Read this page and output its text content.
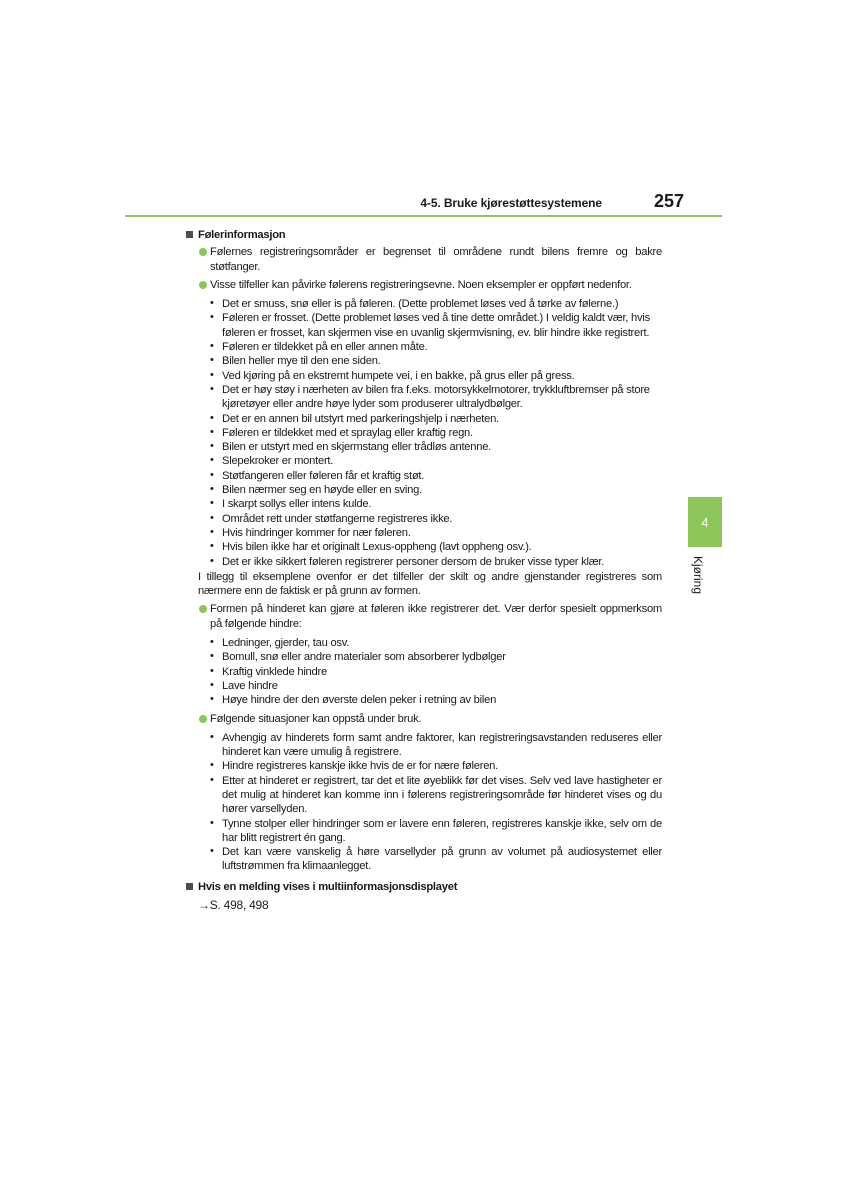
4-5. Bruke kjørestøttesystemene	257
4
Kjøring
Følerinformasjon
Følernes registreringsområder er begrenset til områdene rundt bilens fremre og bakre støtfanger.
Visse tilfeller kan påvirke følerens registreringsevne. Noen eksempler er oppført nedenfor.
• Det er smuss, snø eller is på føleren. (Dette problemet løses ved å tørke av følerne.)
• Føleren er frosset. (Dette problemet løses ved å tine dette området.) I veldig kaldt vær, hvis føleren er frosset, kan skjermen vise en uvanlig skjermvisning, ev. blir hindre ikke registrert.
• Føleren er tildekket på en eller annen måte.
• Bilen heller mye til den ene siden.
• Ved kjøring på en ekstremt humpete vei, i en bakke, på grus eller på gress.
• Det er høy støy i nærheten av bilen fra f.eks. motorsykkelmotorer, trykkluftbremser på store kjøretøyer eller andre høye lyder som produserer ultralydbølger.
• Det er en annen bil utstyrt med parkeringshjelp i nærheten.
• Føleren er tildekket med et spraylag eller kraftig regn.
• Bilen er utstyrt med en skjermstang eller trådløs antenne.
• Slepekroker er montert.
• Støtfangeren eller føleren får et kraftig støt.
• Bilen nærmer seg en høyde eller en sving.
• I skarpt sollys eller intens kulde.
• Området rett under støtfangerne registreres ikke.
• Hvis hindringer kommer for nær føleren.
• Hvis bilen ikke har et originalt Lexus-oppheng (lavt oppheng osv.).
• Det er ikke sikkert føleren registrerer personer dersom de bruker visse typer klær.
I tillegg til eksemplene ovenfor er det tilfeller der skilt og andre gjenstander registreres som nærmere enn de faktisk er på grunn av formen.
Formen på hinderet kan gjøre at føleren ikke registrerer det. Vær derfor spesielt oppmerksom på følgende hindre:
• Ledninger, gjerder, tau osv.
• Bomull, snø eller andre materialer som absorberer lydbølger
• Kraftig vinklede hindre
• Lave hindre
• Høye hindre der den øverste delen peker i retning av bilen
Følgende situasjoner kan oppstå under bruk.
• Avhengig av hinderets form samt andre faktorer, kan registreringsavstanden reduseres eller hinderet kan være umulig å registrere.
• Hindre registreres kanskje ikke hvis de er for nære føleren.
• Etter at hinderet er registrert, tar det et lite øyeblikk før det vises. Selv ved lave hastigheter er det mulig at hinderet kan komme inn i følerens registreringsområde før hinderet vises og du hører varsellyden.
• Tynne stolper eller hindringer som er lavere enn føleren, registreres kanskje ikke, selv om de har blitt registrert én gang.
• Det kan være vanskelig å høre varsellyder på grunn av volumet på audiosystemet eller luftstrømmen fra klimaanlegget.
Hvis en melding vises i multiinformasjonsdisplayet
→S. 498, 498
